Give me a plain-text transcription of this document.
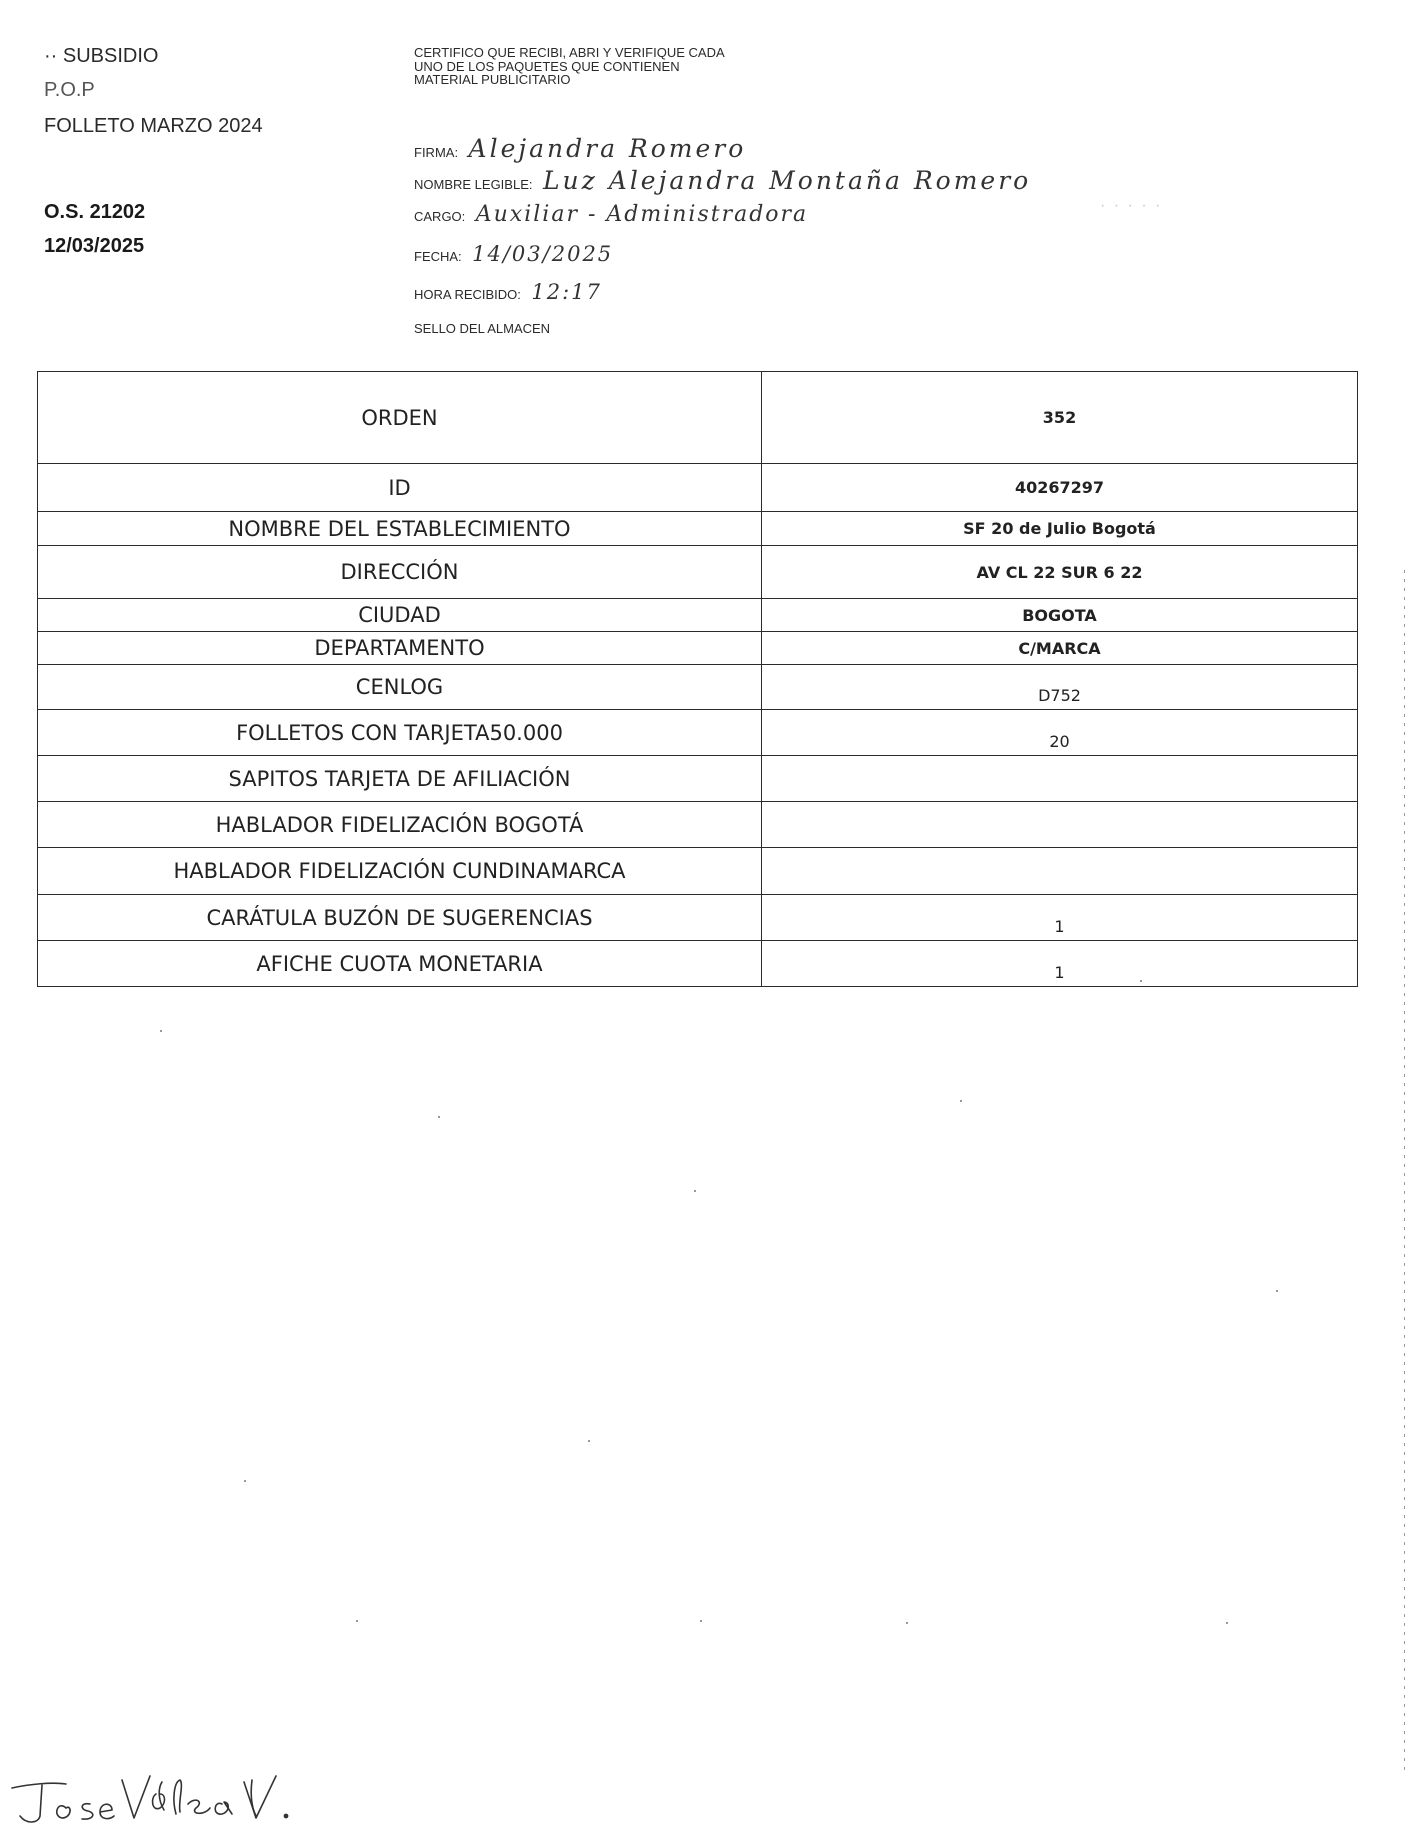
·· SUBSIDIO
P.O.P
FOLLETO MARZO 2024
O.S. 21202
12/03/2025
CERTIFICO QUE RECIBI, ABRI Y VERIFIQUE CADA UNO DE LOS PAQUETES QUE CONTIENEN MATERIAL PUBLICITARIO
FIRMA: Alejandra Romero
NOMBRE LEGIBLE: Luz Alejandra Montaña Romero
CARGO: Auxiliar - Administradora
FECHA: 14/03/2025
HORA RECIBIDO: 12:17
SELLO DEL ALMACEN
· · · · ·
ORDEN	352
ID	40267297
NOMBRE DEL ESTABLECIMIENTO	SF 20 de Julio Bogotá
DIRECCIÓN	AV CL 22 SUR 6 22
CIUDAD	BOGOTA
DEPARTAMENTO	C/MARCA
CENLOG	D752
FOLLETOS CON TARJETA50.000	20
SAPITOS TARJETA DE AFILIACIÓN	
HABLADOR FIDELIZACIÓN BOGOTÁ	
HABLADOR FIDELIZACIÓN CUNDINAMARCA	
CARÁTULA BUZÓN DE SUGERENCIAS	1
AFICHE CUOTA MONETARIA	1
